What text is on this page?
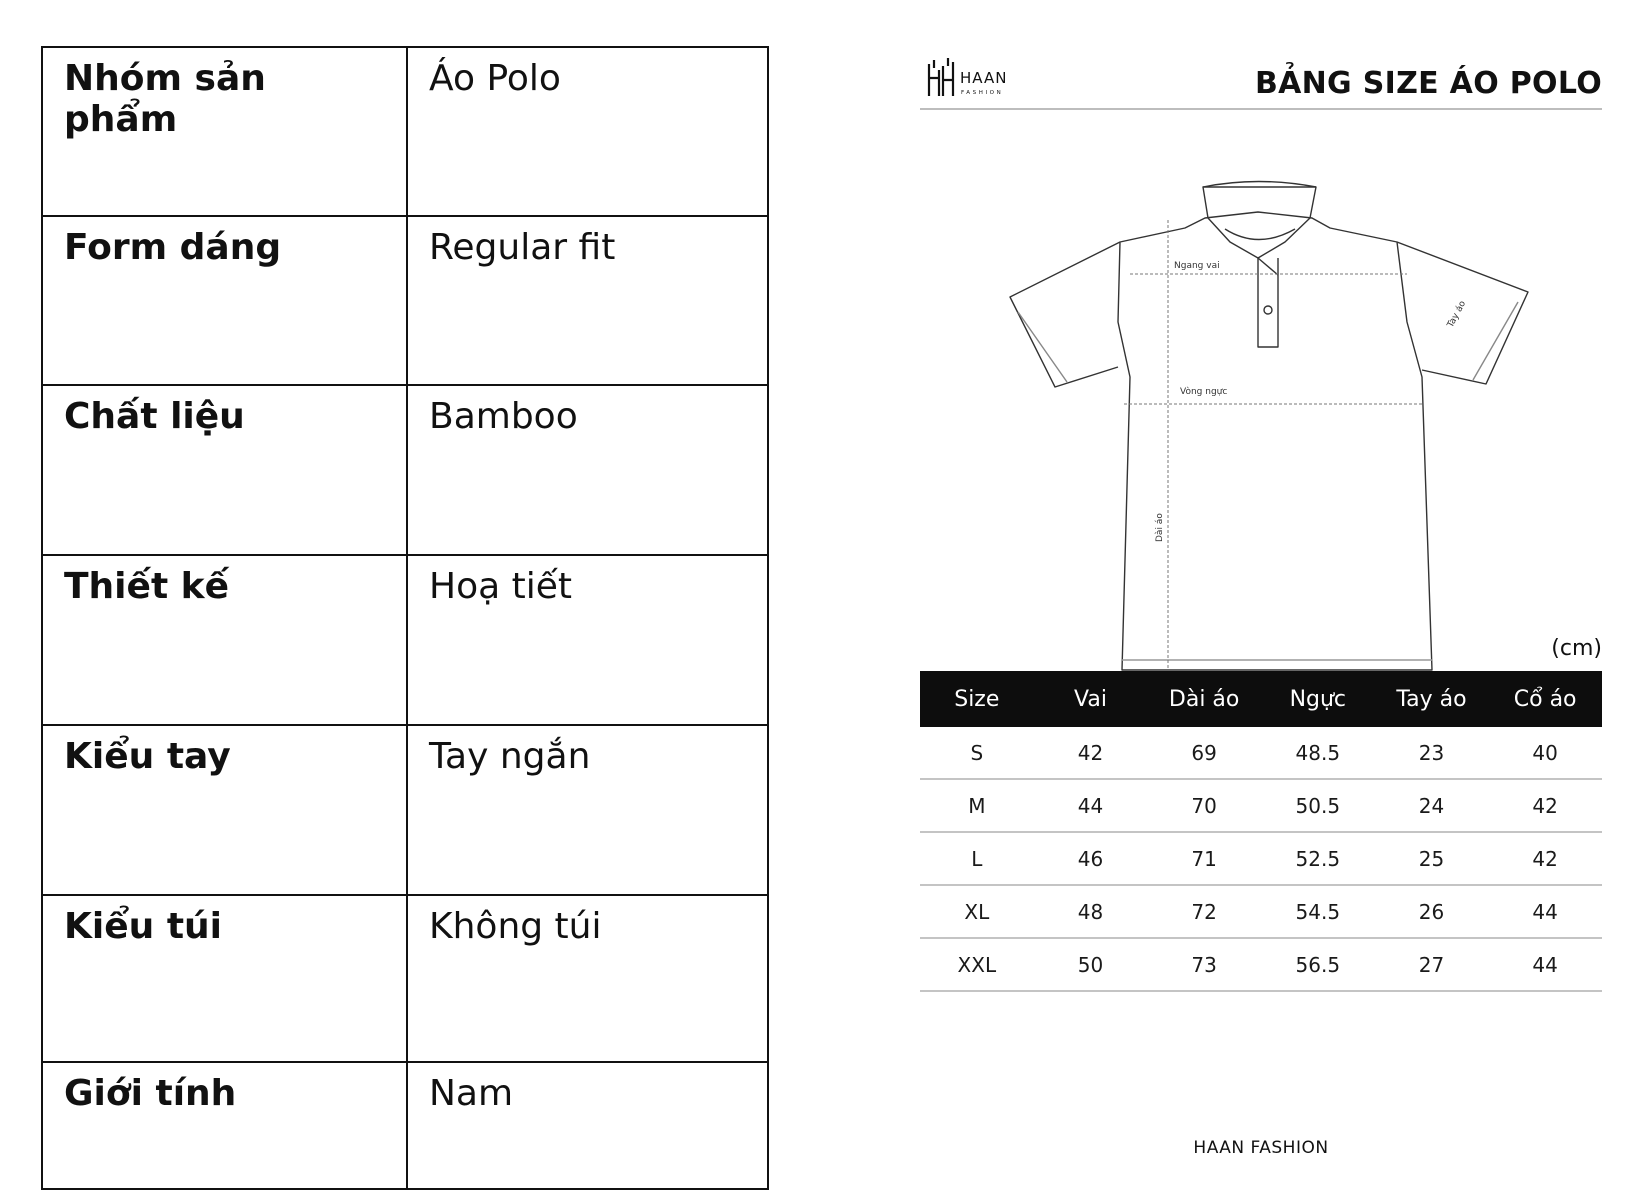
Nhóm sản phẩm	Áo Polo
Form dáng	Regular fit
Chất liệu	Bamboo
Thiết kế	Hoạ tiết
Kiểu tay	Tay ngắn
Kiểu túi	Không túi
Giới tính	Nam
HAAN
FASHION	BẢNG SIZE ÁO POLO
Ngang vai
Vòng ngực
Dài áo
Tay áo
(cm)
Size	Vai	Dài áo	Ngực	Tay áo	Cổ áo
S	42	69	48.5	23	40
M	44	70	50.5	24	42
L	46	71	52.5	25	42
XL	48	72	54.5	26	44
XXL	50	73	56.5	27	44
HAAN FASHION
